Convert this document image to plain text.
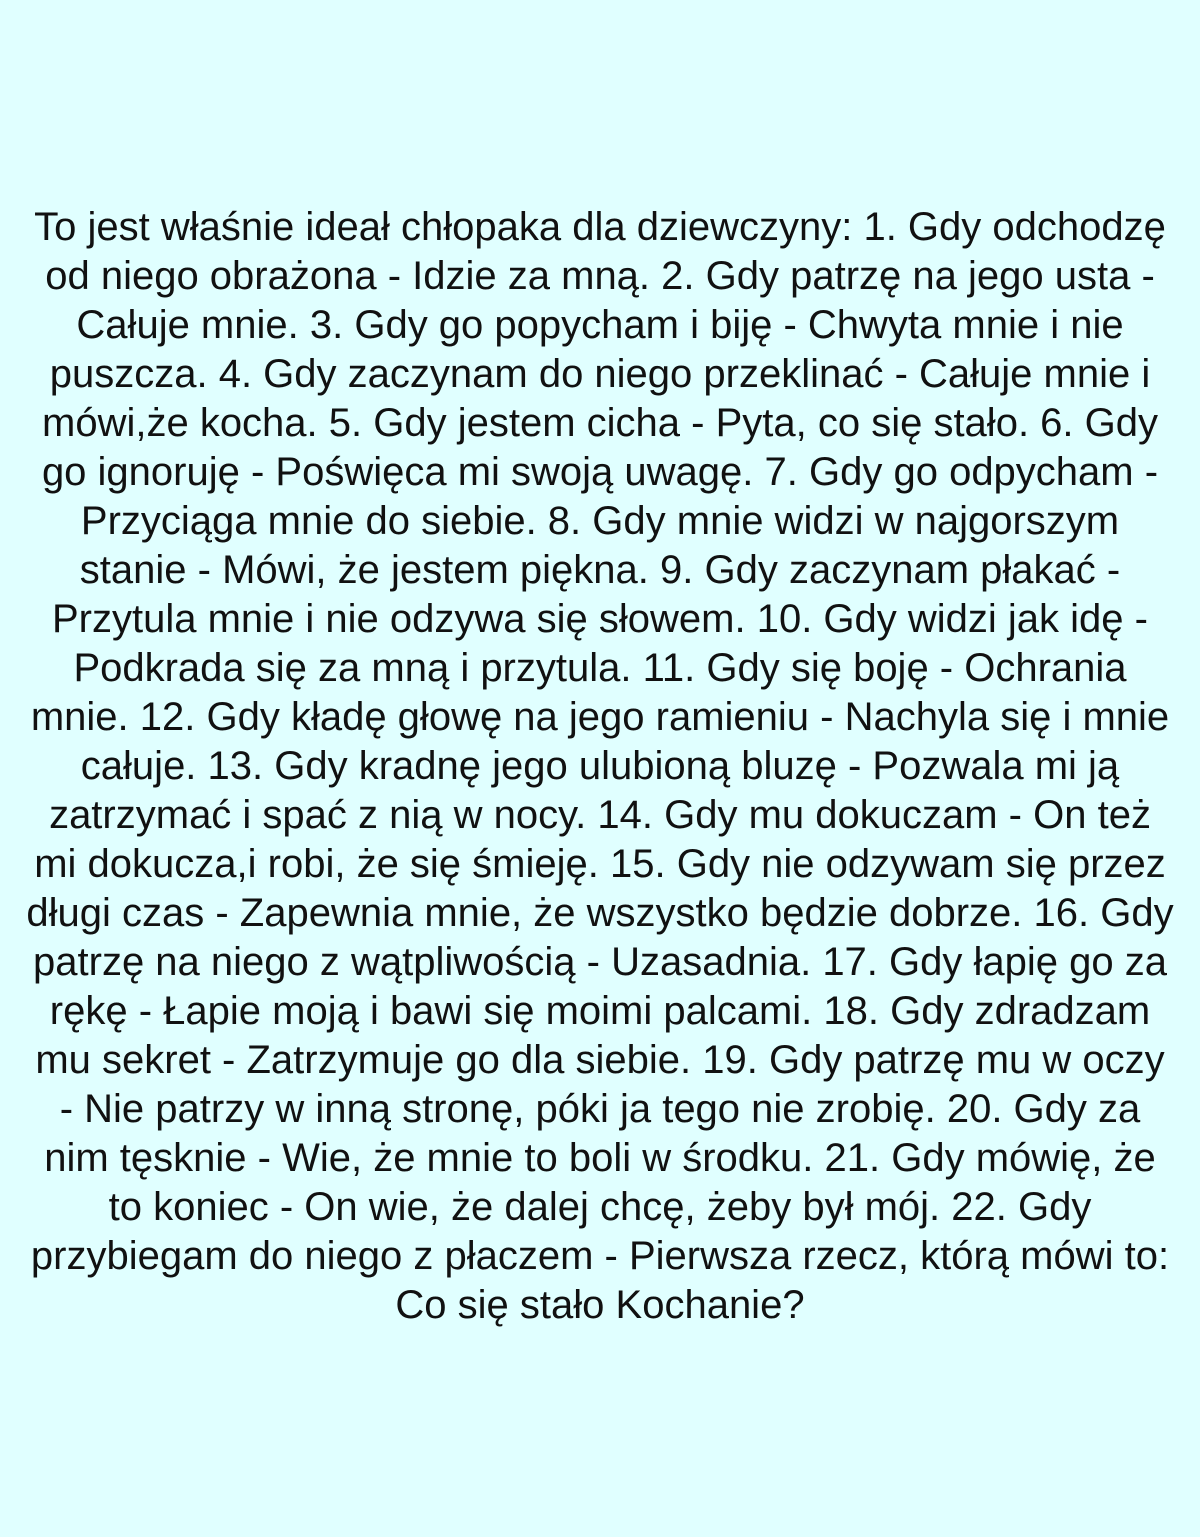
To jest właśnie ideał chłopaka dla dziewczyny: 1. Gdy odchodzę od niego obrażona - Idzie za mną. 2. Gdy patrzę na jego usta - Całuje mnie. 3. Gdy go popycham i biję - Chwyta mnie i nie puszcza. 4. Gdy zaczynam do niego przeklinać - Całuje mnie i mówi,że kocha. 5. Gdy jestem cicha - Pyta, co się stało. 6. Gdy go ignoruję - Poświęca mi swoją uwagę. 7. Gdy go odpycham - Przyciąga mnie do siebie. 8. Gdy mnie widzi w najgorszym stanie - Mówi, że jestem piękna. 9. Gdy zaczynam płakać - Przytula mnie i nie odzywa się słowem. 10. Gdy widzi jak idę - Podkrada się za mną i przytula. 11. Gdy się boję - Ochrania mnie. 12. Gdy kładę głowę na jego ramieniu - Nachyla się i mnie całuje. 13. Gdy kradnę jego ulubioną bluzę - Pozwala mi ją zatrzymać i spać z nią w nocy. 14. Gdy mu dokuczam - On też mi dokucza,i robi, że się śmieję. 15. Gdy nie odzywam się przez długi czas - Zapewnia mnie, że wszystko będzie dobrze. 16. Gdy patrzę na niego z wątpliwością - Uzasadnia. 17. Gdy łapię go za rękę - Łapie moją i bawi się moimi palcami. 18. Gdy zdradzam mu sekret - Zatrzymuje go dla siebie. 19. Gdy patrzę mu w oczy - Nie patrzy w inną stronę, póki ja tego nie zrobię. 20. Gdy za nim tęsknie - Wie, że mnie to boli w środku. 21. Gdy mówię, że to koniec - On wie, że dalej chcę, żeby był mój. 22. Gdy przybiegam do niego z płaczem - Pierwsza rzecz, którą mówi to: Co się stało Kochanie?
